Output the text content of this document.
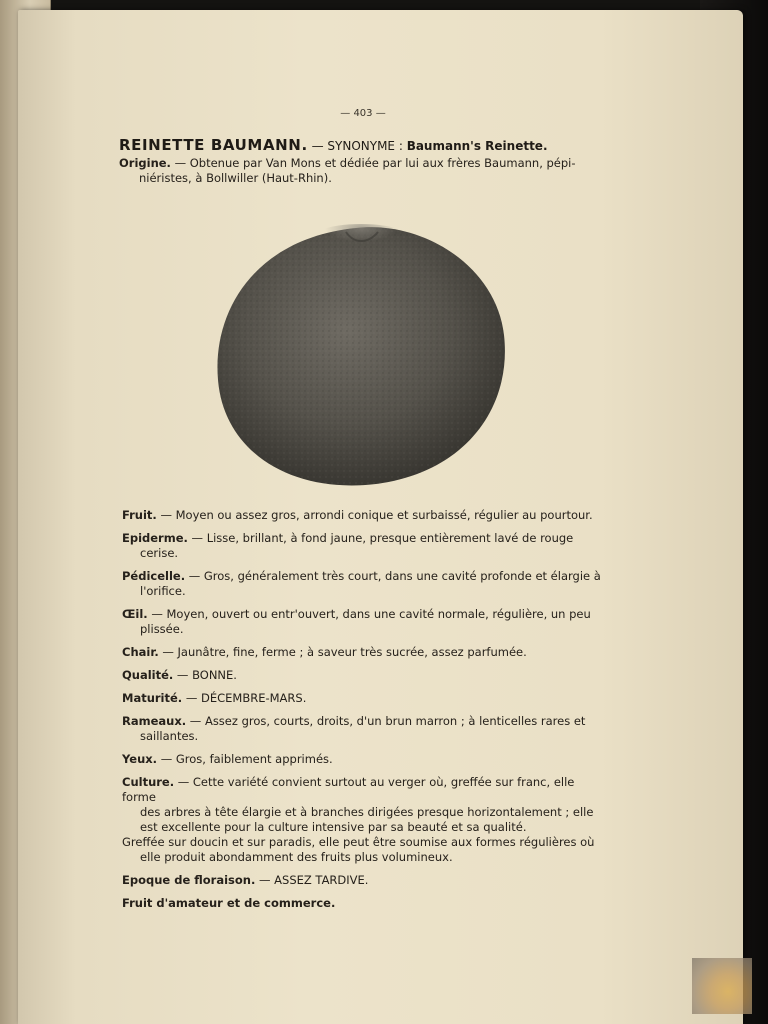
— 403 —
REINETTE BAUMANN. — SYNONYME : Baumann's Reinette.
Origine. — Obtenue par Van Mons et dédiée par lui aux frères Baumann, pépi-
niéristes, à Bollwiller (Haut-Rhin).
Fruit. — Moyen ou assez gros, arrondi conique et surbaissé, régulier au pourtour.
Epiderme. — Lisse, brillant, à fond jaune, presque entièrement lavé de rouge
cerise.
Pédicelle. — Gros, généralement très court, dans une cavité profonde et élargie à
l'orifice.
Œil. — Moyen, ouvert ou entr'ouvert, dans une cavité normale, régulière, un peu
plissée.
Chair. — Jaunâtre, fine, ferme ; à saveur très sucrée, assez parfumée.
Qualité. — BONNE.
Maturité. — DÉCEMBRE-MARS.
Rameaux. — Assez gros, courts, droits, d'un brun marron ; à lenticelles rares et
saillantes.
Yeux. — Gros, faiblement apprimés.
Culture. — Cette variété convient surtout au verger où, greffée sur franc, elle forme
des arbres à tête élargie et à branches dirigées presque horizontalement ; elle
est excellente pour la culture intensive par sa beauté et sa qualité.
Greffée sur doucin et sur paradis, elle peut être soumise aux formes régulières où
elle produit abondamment des fruits plus volumineux.
Epoque de floraison. — ASSEZ TARDIVE.
Fruit d'amateur et de commerce.
